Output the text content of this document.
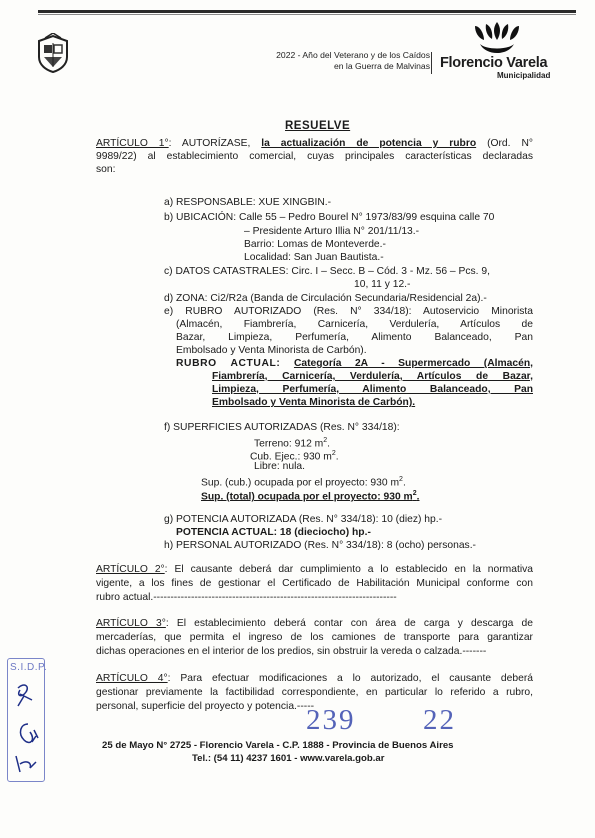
2022 - Año del Veterano y de los Caídos
en la Guerra de Malvinas Florencio Varela
Municipalidad
RESUELVE
ARTÍCULO 1°: AUTORÍZASE, la actualización de potencia y rubro (Ord. N°
9989/22) al establecimiento comercial, cuyas principales características declaradas
son:
a) RESPONSABLE: XUE XINGBIN.-
b) UBICACIÓN: Calle 55 – Pedro Bourel N° 1973/83/99 esquina calle 70
– Presidente Arturo Illia N° 201/11/13.-
Barrio: Lomas de Monteverde.-
Localidad: San Juan Bautista.-
c) DATOS CATASTRALES: Circ. I – Secc. B – Cód. 3 - Mz. 56 – Pcs. 9,
10, 11 y 12.-
d) ZONA: Ci2/R2a (Banda de Circulación Secundaria/Residencial 2a).-
e) RUBRO AUTORIZADO (Res. N° 334/18): Autoservicio Minorista
(Almacén, Fiambrería, Carnicería, Verdulería, Artículos de
Bazar, Limpieza, Perfumería, Alimento Balanceado, Pan
Embolsado y Venta Minorista de Carbón).
RUBRO ACTUAL: Categoría 2A - Supermercado (Almacén,
Fiambrería, Carnicería, Verdulería, Artículos de Bazar,
Limpieza, Perfumería, Alimento Balanceado, Pan
Embolsado y Venta Minorista de Carbón).
f) SUPERFICIES AUTORIZADAS (Res. N° 334/18):
Terreno: 912 $m^2$.
Cub. Ejec.: 930 $m^2$.
Libre: nula.
Sup. (cub.) ocupada por el proyecto: 930 $m^2$.
Sup. (total) ocupada por el proyecto: 930 $m^2$.
g) POTENCIA AUTORIZADA (Res. N° 334/18): 10 (diez) hp.-
POTENCIA ACTUAL: 18 (dieciocho) hp.-
h) PERSONAL AUTORIZADO (Res. N° 334/18): 8 (ocho) personas.-
ARTÍCULO 2°: El causante deberá dar cumplimiento a lo establecido en la normativa
vigente, a los fines de gestionar el Certificado de Habilitación Municipal conforme con
rubro actual.-----------------------------------------------------------------------
ARTÍCULO 3°: El establecimiento deberá contar con área de carga y descarga de
mercaderías, que permita el ingreso de los camiones de transporte para garantizar
dichas operaciones en el interior de los predios, sin obstruir la vereda o calzada.-------
ARTÍCULO 4°: Para efectuar modificaciones a lo autorizado, el causante deberá
gestionar previamente la factibilidad correspondiente, en particular lo referido a rubro,
personal, superficie del proyecto y potencia.-----
S.I.D.P.
239 22
25 de Mayo N° 2725 - Florencio Varela - C.P. 1888 - Provincia de Buenos Aires
Tel.: (54 11) 4237 1601 - www.varela.gob.ar
